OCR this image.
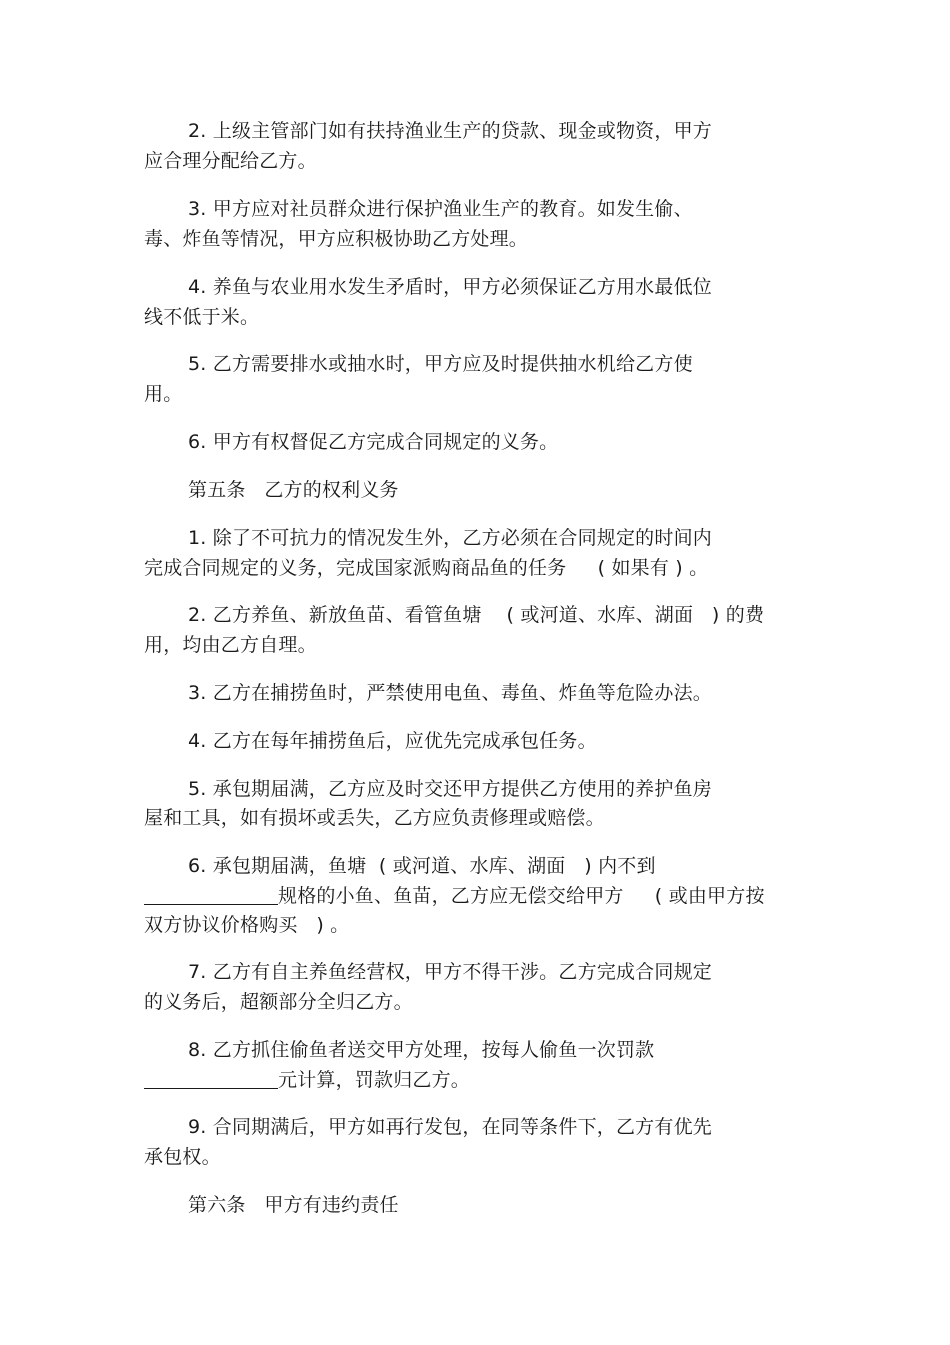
2. 上级主管部门如有扶持渔业生产的贷款、现金或物资，甲方
应合理分配给乙方。
3. 甲方应对社员群众进行保护渔业生产的教育。如发生偷、
毒、炸鱼等情况，甲方应积极协助乙方处理。
4. 养鱼与农业用水发生矛盾时，甲方必须保证乙方用水最低位
线不低于米。
5. 乙方需要排水或抽水时，甲方应及时提供抽水机给乙方使
用。
6. 甲方有权督促乙方完成合同规定的义务。
第五条   乙方的权利义务
1. 除了不可抗力的情况发生外，乙方必须在合同规定的时间内
完成合同规定的义务，完成国家派购商品鱼的任务     ( 如果有 ) 。
2. 乙方养鱼、新放鱼苗、看管鱼塘    ( 或河道、水库、湖面   ) 的费
用，均由乙方自理。
3. 乙方在捕捞鱼时，严禁使用电鱼、毒鱼、炸鱼等危险办法。
4. 乙方在每年捕捞鱼后，应优先完成承包任务。
5. 承包期届满，乙方应及时交还甲方提供乙方使用的养护鱼房
屋和工具，如有损坏或丢失，乙方应负责修理或赔偿。
6. 承包期届满，鱼塘  ( 或河道、水库、湖面   ) 内不到
规格的小鱼、鱼苗，乙方应无偿交给甲方     ( 或由甲方按
双方协议价格购买   ) 。
7. 乙方有自主养鱼经营权，甲方不得干涉。乙方完成合同规定
的义务后，超额部分全归乙方。
8. 乙方抓住偷鱼者送交甲方处理，按每人偷鱼一次罚款
元计算，罚款归乙方。
9. 合同期满后，甲方如再行发包，在同等条件下，乙方有优先
承包权。
第六条   甲方有违约责任
